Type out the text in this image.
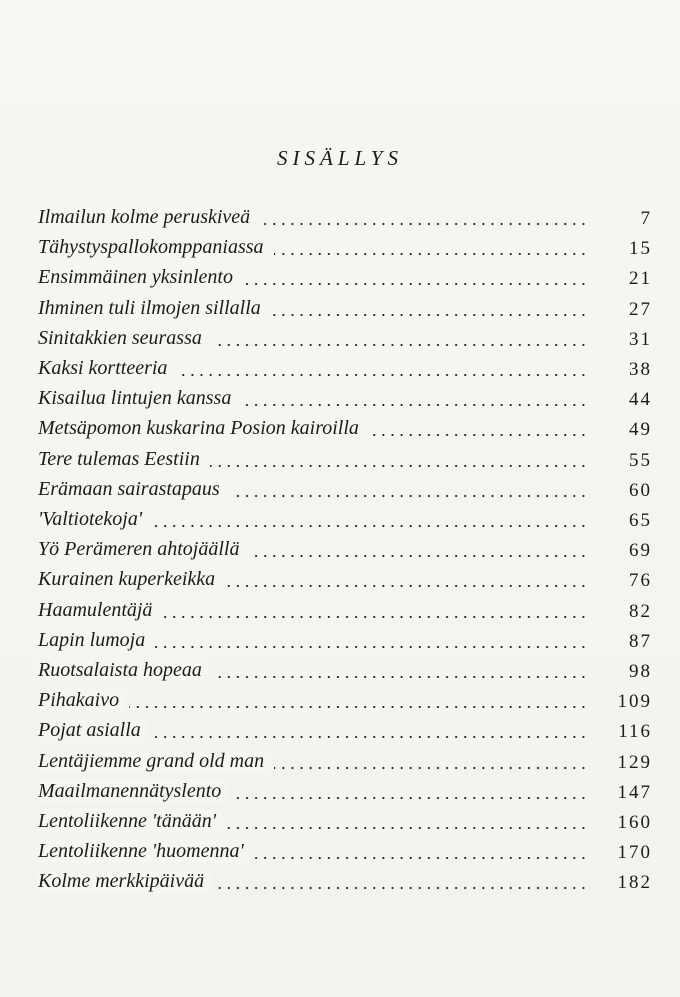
SISÄLLYS
Ilmailun kolme peruskiveä	7
Tähystyspallokomppaniassa	15
Ensimmäinen yksinlento	21
Ihminen tuli ilmojen sillalla	27
Sinitakkien seurassa	31
Kaksi kortteeria	38
Kisailua lintujen kanssa	44
Metsäpomon kuskarina Posion kairoilla	49
Tere tulemas Eestiin	55
Erämaan sairastapaus	60
'Valtiotekoja'	65
Yö Perämeren ahtojäällä	69
Kurainen kuperkeikka	76
Haamulentäjä	82
Lapin lumoja	87
Ruotsalaista hopeaa	98
Pihakaivo	109
Pojat asialla	116
Lentäjiemme grand old man	129
Maailmanennätyslento	147
Lentoliikenne 'tänään'	160
Lentoliikenne 'huomenna'	170
Kolme merkkipäivää	182
